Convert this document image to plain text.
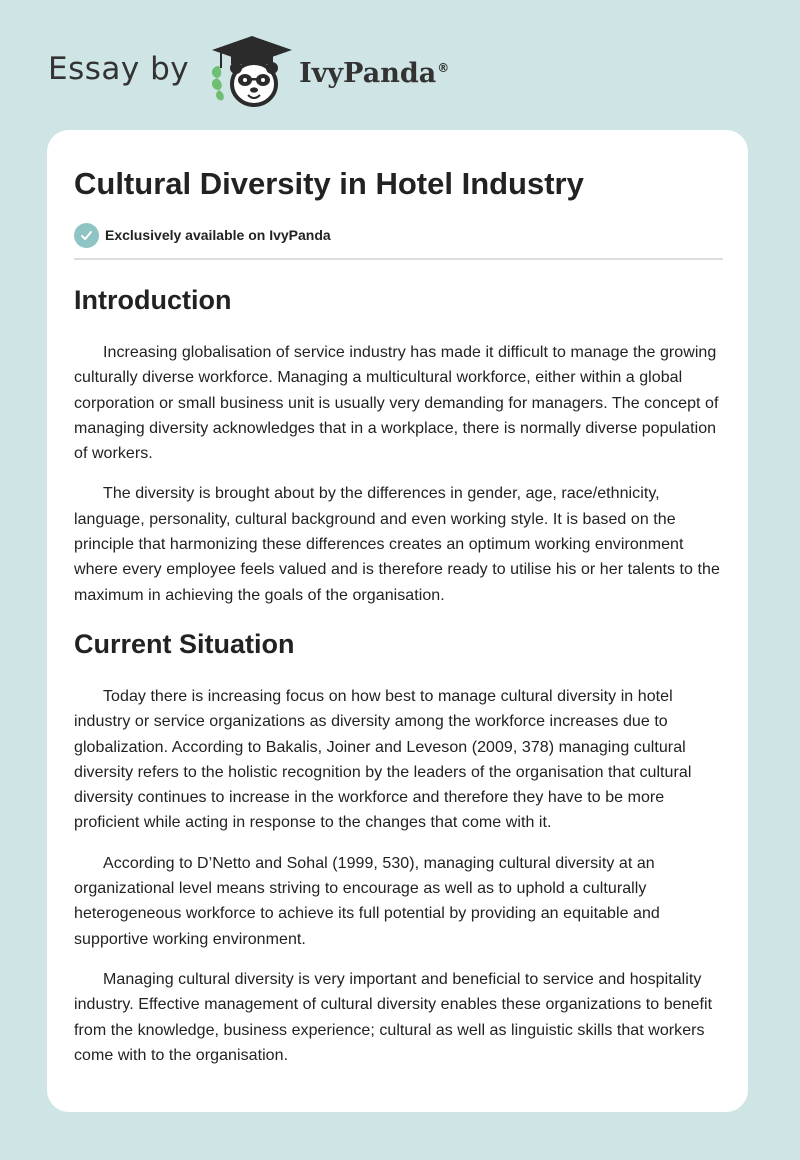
Essay by	IvyPanda®
Cultural Diversity in Hotel Industry
Exclusively available on IvyPanda
Introduction

Increasing globalisation of service industry has made it difficult to manage the growing culturally diverse workforce. Managing a multicultural workforce, either within a global corporation or small business unit is usually very demanding for managers. The concept of managing diversity acknowledges that in a workplace, there is normally diverse population of workers.

The diversity is brought about by the differences in gender, age, race/ethnicity, language, personality, cultural background and even working style. It is based on the principle that harmonizing these differences creates an optimum working environment where every employee feels valued and is therefore ready to utilise his or her talents to the maximum in achieving the goals of the organisation.

Current Situation

Today there is increasing focus on how best to manage cultural diversity in hotel industry or service organizations as diversity among the workforce increases due to globalization. According to Bakalis, Joiner and Leveson (2009, 378) managing cultural diversity refers to the holistic recognition by the leaders of the organisation that cultural diversity continues to increase in the workforce and therefore they have to be more proficient while acting in response to the changes that come with it.

According to D’Netto and Sohal (1999, 530), managing cultural diversity at an organizational level means striving to encourage as well as to uphold a culturally heterogeneous workforce to achieve its full potential by providing an equitable and supportive working environment.

Managing cultural diversity is very important and beneficial to service and hospitality industry. Effective management of cultural diversity enables these organizations to benefit from the knowledge, business experience; cultural as well as linguistic skills that workers come with to the organisation.
